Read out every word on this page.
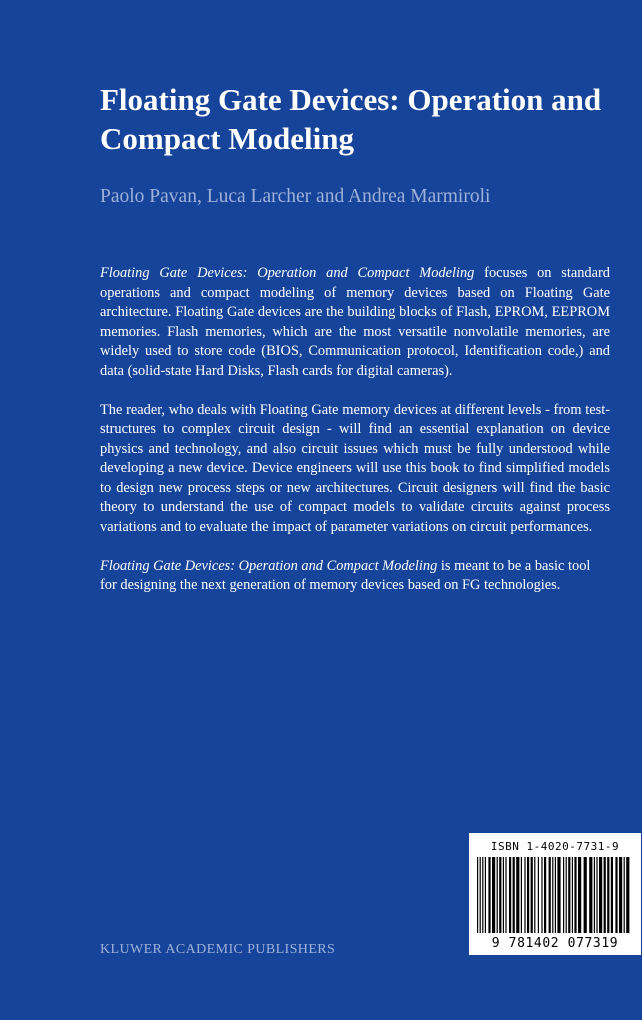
Floating Gate Devices: Operation and Compact Modeling

Paolo Pavan, Luca Larcher and Andrea Marmiroli

Floating Gate Devices: Operation and Compact Modeling focuses on standard operations and compact modeling of memory devices based on Floating Gate architecture. Floating Gate devices are the building blocks of Flash, EPROM, EEPROM memories. Flash memories, which are the most versatile nonvolatile memories, are widely used to store code (BIOS, Communication protocol, Identification code,) and data (solid-state Hard Disks, Flash cards for digital cameras).

The reader, who deals with Floating Gate memory devices at different levels - from test-structures to complex circuit design - will find an essential explanation on device physics and technology, and also circuit issues which must be fully understood while developing a new device. Device engineers will use this book to find simplified models to design new process steps or new architectures. Circuit designers will find the basic theory to understand the use of compact models to validate circuits against process variations and to evaluate the impact of parameter variations on circuit performances.

Floating Gate Devices: Operation and Compact Modeling is meant to be a basic tool for designing the next generation of memory devices based on FG technologies.

KLUWER ACADEMIC PUBLISHERS

ISBN 1-4020-7731-9
9 781402 077319
